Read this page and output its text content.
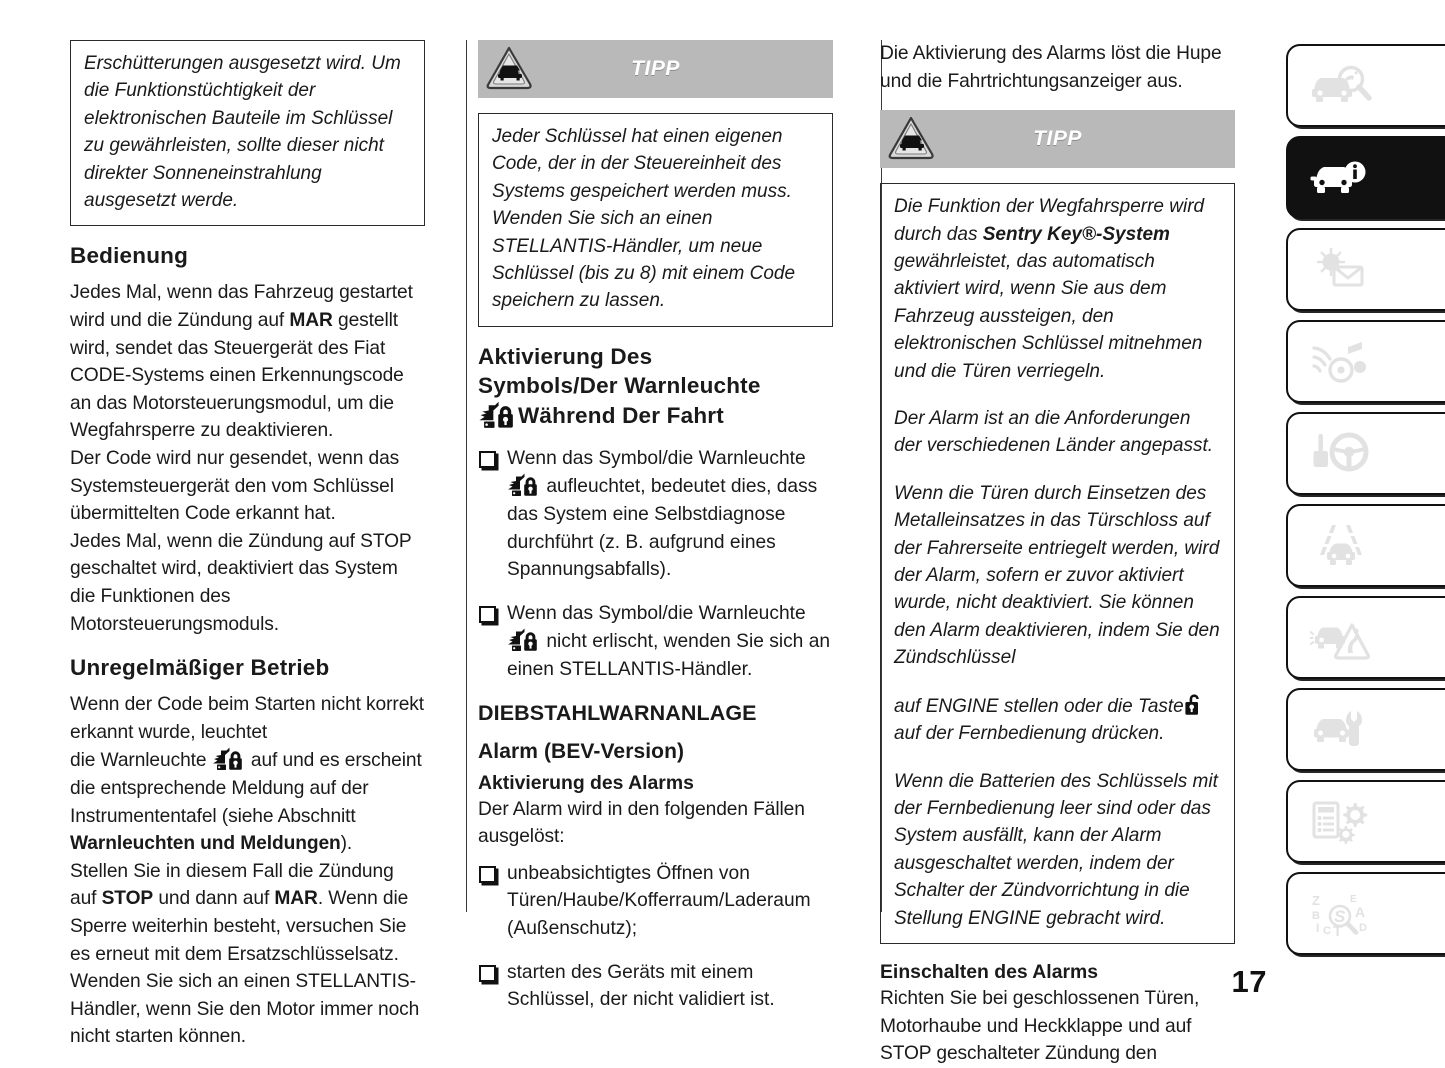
Erschütterungen ausgesetzt wird. Um die Funktionstüchtigkeit der elektronischen Bauteile im Schlüssel zu gewährleisten, sollte dieser nicht direkter Sonneneinstrahlung ausgesetzt werde.

Bedienung

Jedes Mal, wenn das Fahrzeug gestartet wird und die Zündung auf MAR gestellt wird, sendet das Steuergerät des Fiat CODE-Systems einen Erkennungscode an das Motorsteuerungsmodul, um die Wegfahrsperre zu deaktivieren.

Der Code wird nur gesendet, wenn das Systemsteuergerät den vom Schlüssel übermittelten Code erkannt hat.

Jedes Mal, wenn die Zündung auf STOP geschaltet wird, deaktiviert das System die Funktionen des Motorsteuerungsmoduls.

Unregelmäßiger Betrieb

Wenn der Code beim Starten nicht korrekt erkannt wurde, leuchtet

die Warnleuchte  auf und es erscheint die entsprechende Meldung auf der Instrumententafel (siehe Abschnitt Warnleuchten und Meldungen).

Stellen Sie in diesem Fall die Zündung auf STOP und dann auf MAR. Wenn die Sperre weiterhin besteht, versuchen Sie es erneut mit dem Ersatzschlüsselsatz. Wenden Sie sich an einen STELLANTIS-Händler, wenn Sie den Motor immer noch nicht starten können.

TIPP

Jeder Schlüssel hat einen eigenen Code, der in der Steuereinheit des Systems gespeichert werden muss. Wenden Sie sich an einen STELLANTIS-Händler, um neue Schlüssel (bis zu 8) mit einem Code speichern zu lassen.

Aktivierung Des
Symbols/Der Warnleuchte
Während Der Fahrt
Wenn das Symbol/die Warnleuchte
aufleuchtet, bedeutet dies, dass das System eine Selbstdiagnose durchführt (z. B. aufgrund eines Spannungsabfalls).
Wenn das Symbol/die Warnleuchte
nicht erlischt, wenden Sie sich an einen STELLANTIS-Händler.
DIEBSTAHLWARNANLAGE
Alarm (BEV-Version)
Aktivierung des Alarms

Der Alarm wird in den folgenden Fällen ausgelöst:

unbeabsichtigtes Öffnen von Türen/Haube/Kofferraum/Laderaum (Außenschutz);
starten des Geräts mit einem Schlüssel, der nicht validiert ist.

Die Aktivierung des Alarms löst die Hupe und die Fahrtrichtungsanzeiger aus.

TIPP

Die Funktion der Wegfahrsperre wird durch das Sentry Key®-System gewährleistet, das automatisch aktiviert wird, wenn Sie aus dem Fahrzeug aussteigen, den elektronischen Schlüssel mitnehmen und die Türen verriegeln.

Der Alarm ist an die Anforderungen der verschiedenen Länder angepasst.

Wenn die Türen durch Einsetzen des Metalleinsatzes in das Türschloss auf der Fahrerseite entriegelt werden, wird der Alarm, sofern er zuvor aktiviert wurde, nicht deaktiviert. Sie können den Alarm deaktivieren, indem Sie den Zündschlüssel

auf ENGINE stellen oder die Taste auf der Fernbedienung drücken.

Wenn die Batterien des Schlüssels mit der Fernbedienung leer sind oder das System ausfällt, kann der Alarm ausgeschaltet werden, indem der Schalter der Zündvorrichtung in die Stellung ENGINE gebracht wird.

Einschalten des Alarms

Richten Sie bei geschlossenen Türen, Motorhaube und Heckklappe und auf STOP geschalteter Zündung den

Z
B
I C T
E
A
D
S
17
